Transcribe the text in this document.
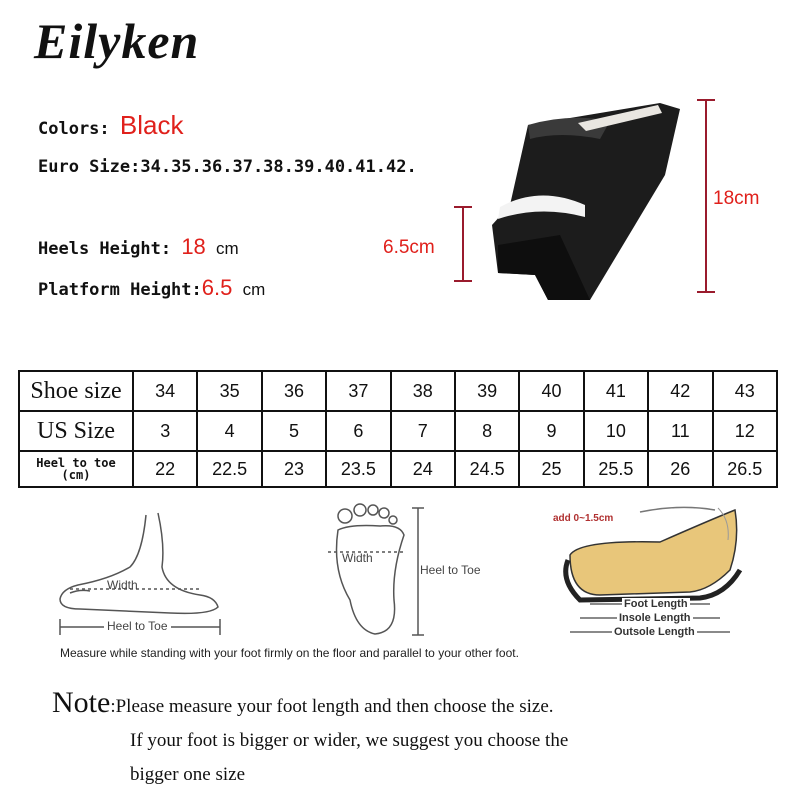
Eilyken
Colors: Black
Euro Size:34.35.36.37.38.39.40.41.42.
Heels Height: 18 cm
Platform Height:6.5 cm
6.5cm
18cm
Shoe size	34	35	36	37	38	39	40	41	42	43
US Size	3	4	5	6	7	8	9	10	11	12

Heel to toe
(cm)	22	22.5	23	23.5	24	24.5	25	25.5	26	26.5
Width
Heel to Toe
Width
Heel to Toe
add 0~1.5cm
Foot Length
Insole Length
Outsole Length
Measure while standing with your foot firmly on the floor and parallel to your other foot.
Note:Please measure your foot length and then choose the size.
If your foot is bigger or wider, we suggest you choose the
bigger one size
